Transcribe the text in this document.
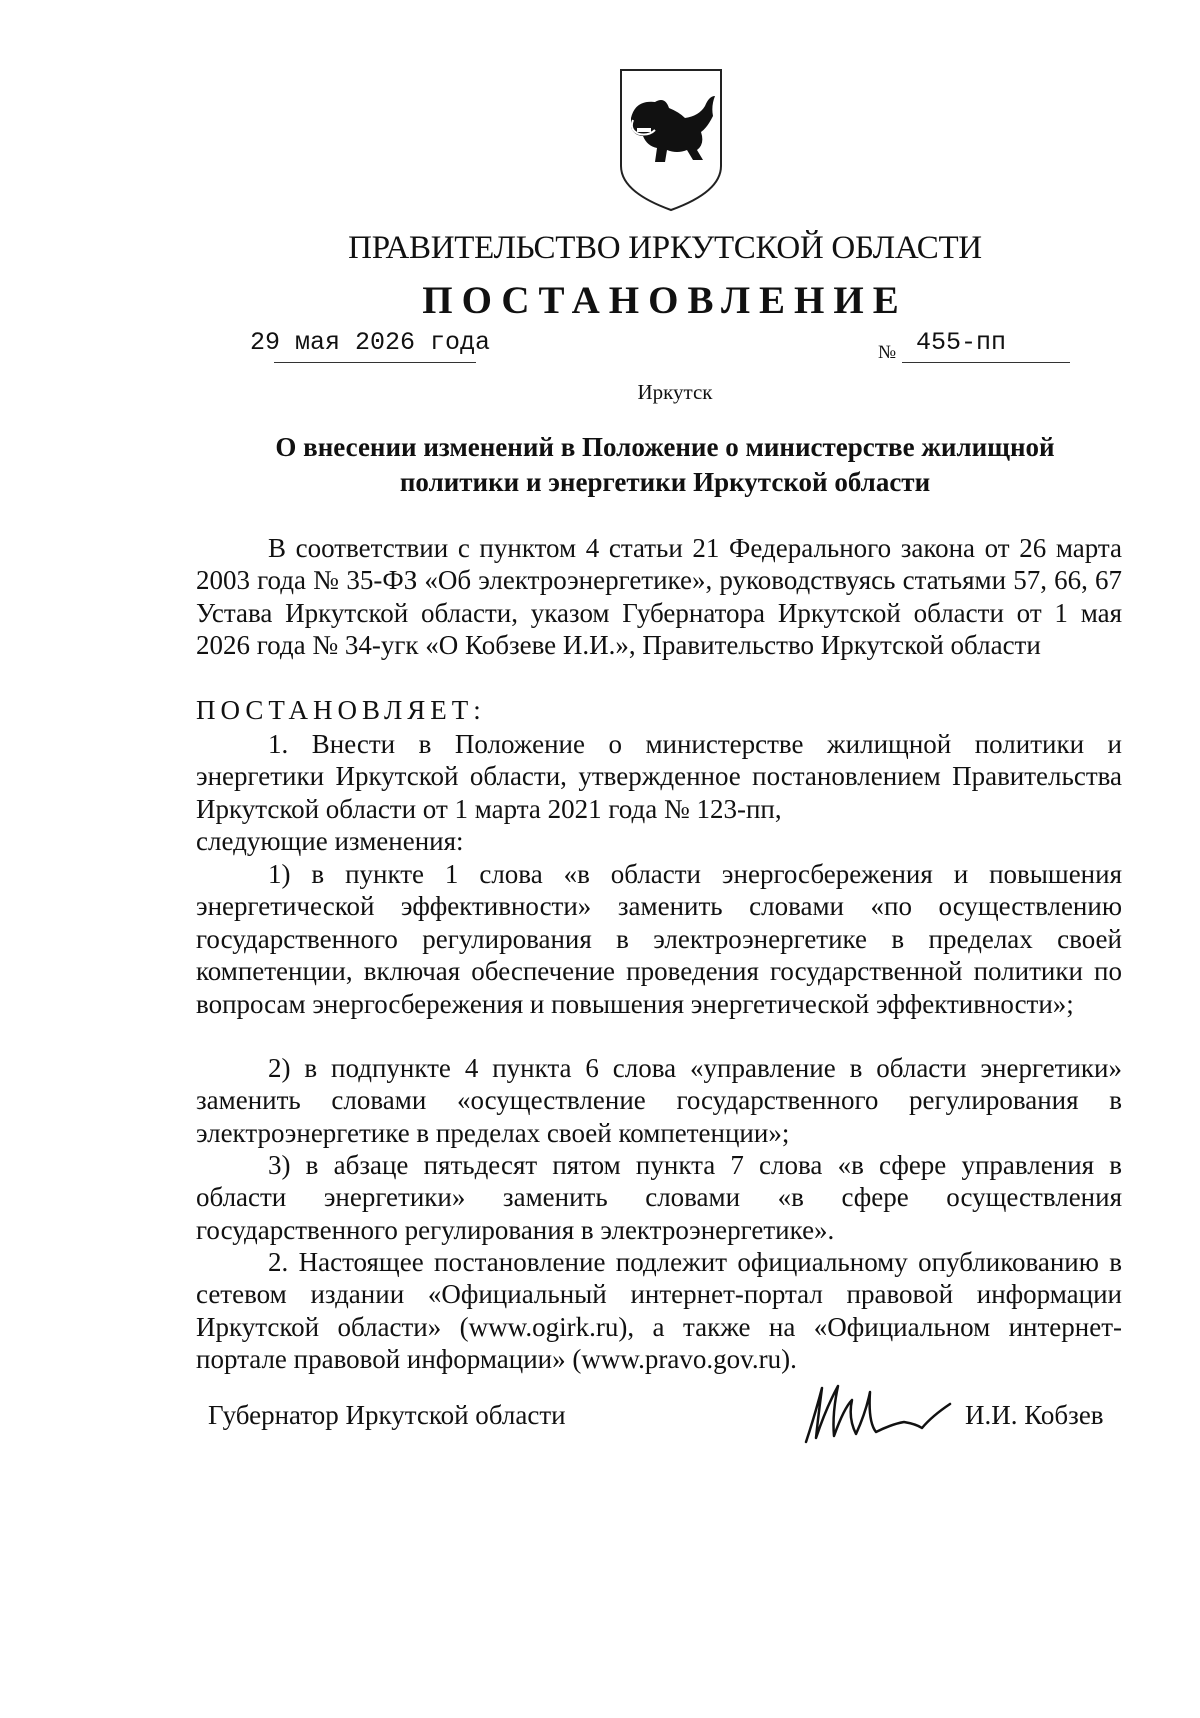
ПРАВИТЕЛЬСТВО ИРКУТСКОЙ ОБЛАСТИ
ПОСТАНОВЛЕНИЕ
29 мая 2026 года	№ 455-пп
Иркутск
О внесении изменений в Положение о министерстве жилищной политики и энергетики Иркутской области
В соответствии с пунктом 4 статьи 21 Федерального закона от 26 марта 2003 года № 35-ФЗ «Об электроэнергетике», руководствуясь статьями 57, 66, 67 Устава Иркутской области, указом Губернатора Иркутской области от 1 мая 2026 года № 34-угк «О Кобзеве И.И.», Правительство Иркутской области
ПОСТАНОВЛЯЕТ:
1. Внести в Положение о министерстве жилищной политики и энергетики Иркутской области, утвержденное постановлением Правительства Иркутской области от 1 марта 2021 года № 123-пп,
следующие изменения:
1) в пункте 1 слова «в области энергосбережения и повышения энергетической эффективности» заменить словами «по осуществлению государственного регулирования в электроэнергетике в пределах своей компетенции, включая обеспечение проведения государственной политики по вопросам энергосбережения и повышения энергетической эффективности»;
2) в подпункте 4 пункта 6 слова «управление в области энергетики» заменить словами «осуществление государственного регулирования в электроэнергетике в пределах своей компетенции»;
3) в абзаце пятьдесят пятом пункта 7 слова «в сфере управления в области энергетики» заменить словами «в сфере осуществления государственного регулирования в электроэнергетике».
2. Настоящее постановление подлежит официальному опубликованию в сетевом издании «Официальный интернет-портал правовой информации Иркутской области» (www.ogirk.ru), а также на «Официальном интернет-портале правовой информации» (www.pravo.gov.ru).
Губернатор Иркутской области	И.И. Кобзев
